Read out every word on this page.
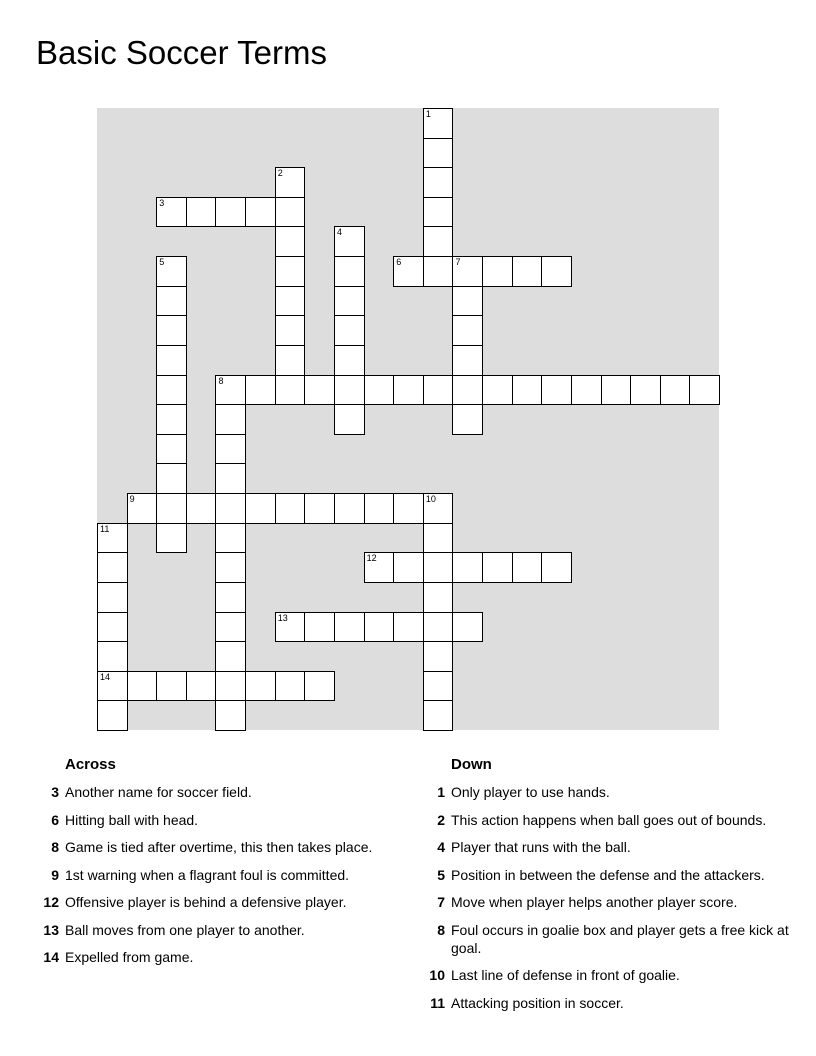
Basic Soccer Terms
1
2
3
4
5	6	7
8
9	10
11
14
12
13
Across
3 Another name for soccer field.
6 Hitting ball with head.
8 Game is tied after overtime, this then takes place.
9 1st warning when a flagrant foul is committed.
12 Offensive player is behind a defensive player.
13 Ball moves from one player to another.
14 Expelled from game.
Down
1 Only player to use hands.
2 This action happens when ball goes out of bounds.
4 Player that runs with the ball.
5 Position in between the defense and the attackers.
7 Move when player helps another player score.
8 Foul occurs in goalie box and player gets a free kick at goal.
10 Last line of defense in front of goalie.
11 Attacking position in soccer.
